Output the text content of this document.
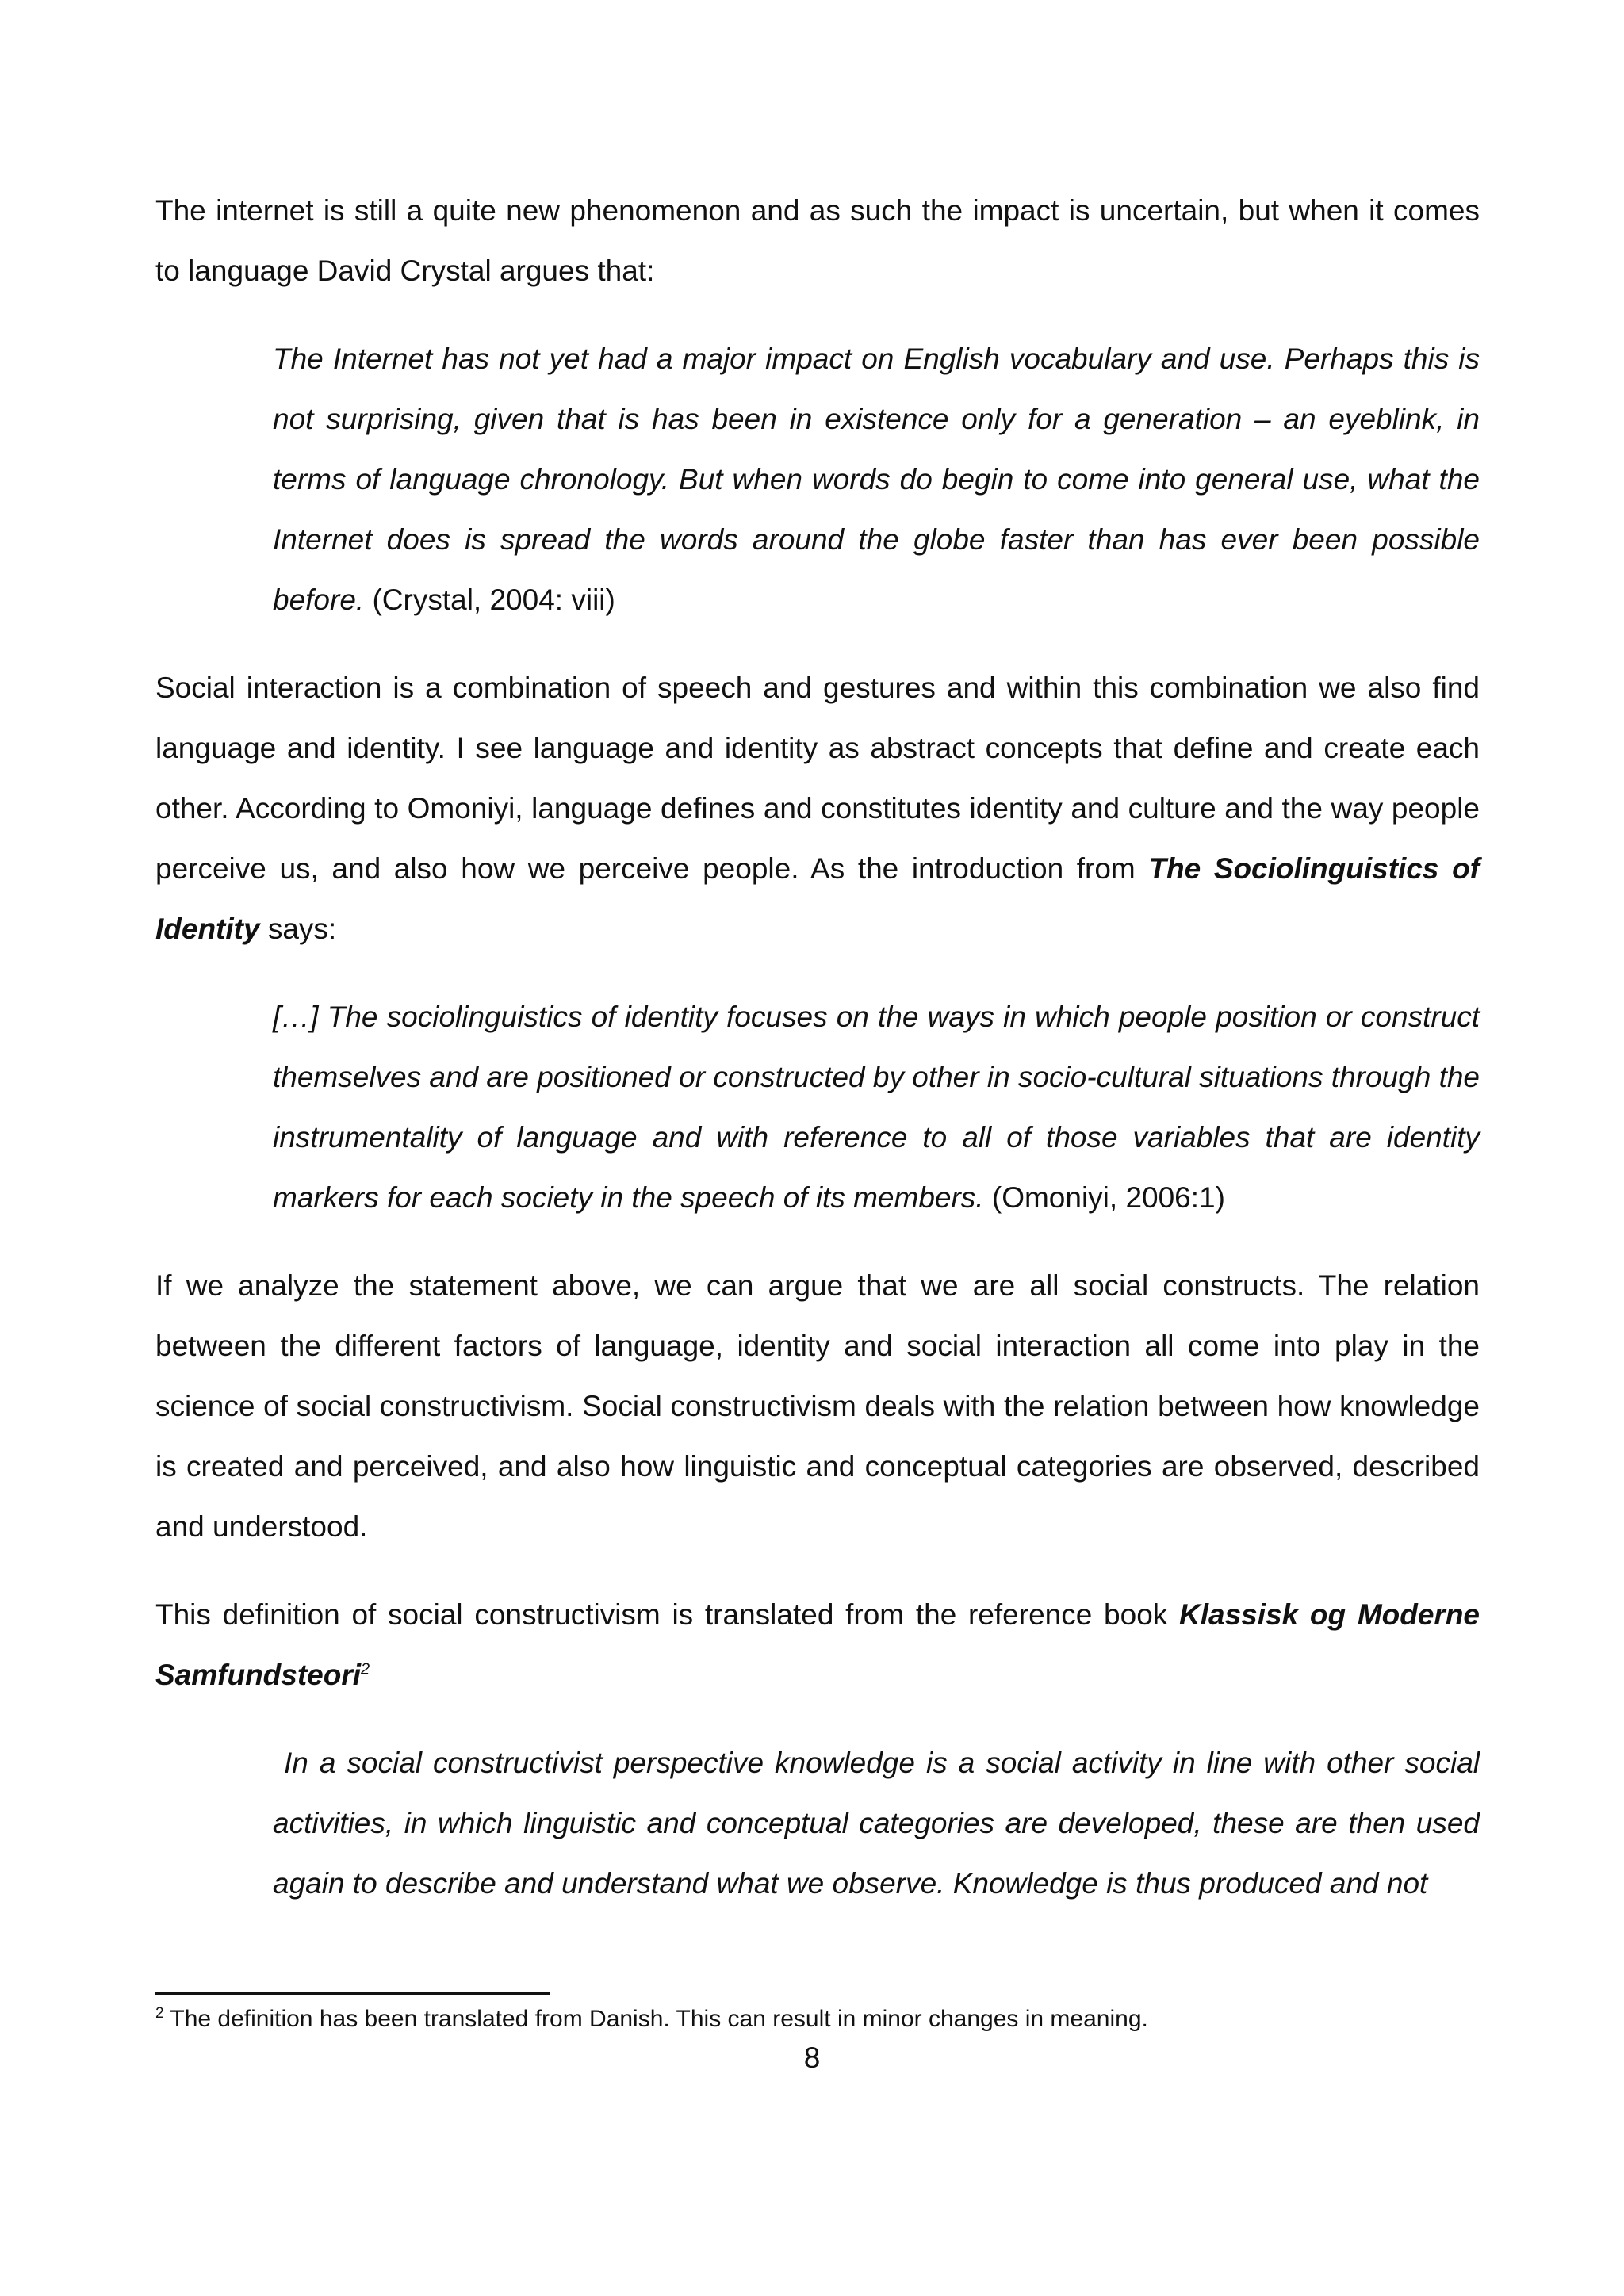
The internet is still a quite new phenomenon and as such the impact is uncertain, but when it comes to language David Crystal argues that:

The Internet has not yet had a major impact on English vocabulary and use. Perhaps this is not surprising, given that is has been in existence only for a generation – an eyeblink, in terms of language chronology. But when words do begin to come into general use, what the Internet does is spread the words around the globe faster than has ever been possible before. (Crystal, 2004: viii)

Social interaction is a combination of speech and gestures and within this combination we also find language and identity. I see language and identity as abstract concepts that define and create each other. According to Omoniyi, language defines and constitutes identity and culture and the way people perceive us, and also how we perceive people. As the introduction from The Sociolinguistics of Identity says:

[…] The sociolinguistics of identity focuses on the ways in which people position or construct themselves and are positioned or constructed by other in socio-cultural situations through the instrumentality of language and with reference to all of those variables that are identity markers for each society in the speech of its members. (Omoniyi, 2006:1)

If we analyze the statement above, we can argue that we are all social constructs. The relation between the different factors of language, identity and social interaction all come into play in the science of social constructivism. Social constructivism deals with the relation between how knowledge is created and perceived, and also how linguistic and conceptual categories are observed, described and understood.

This definition of social constructivism is translated from the reference book Klassisk og Moderne Samfundsteori$^2$

In a social constructivist perspective knowledge is a social activity in line with other social activities, in which linguistic and conceptual categories are developed, these are then used again to describe and understand what we observe. Knowledge is thus produced and not

$^2$ The definition has been translated from Danish. This can result in minor changes in meaning.
8
